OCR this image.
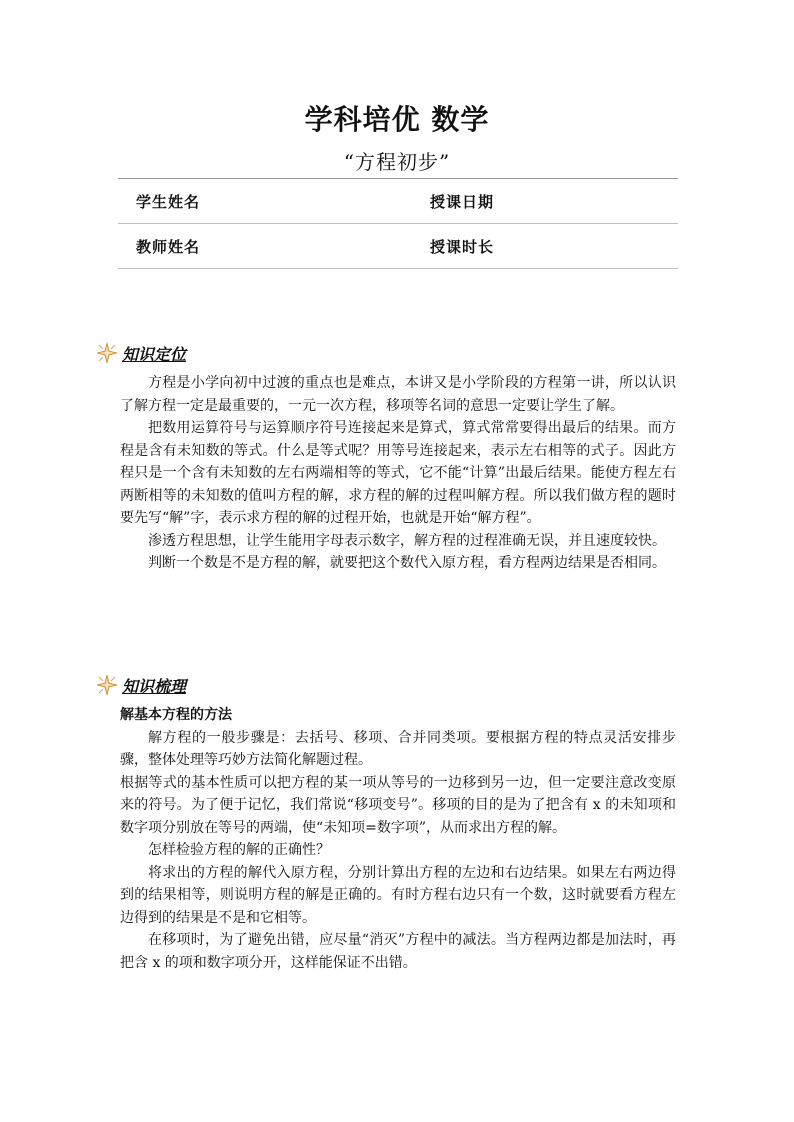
学科培优 数学
“方程初步”
学生姓名	授课日期
教师姓名	授课时长
知识定位

方程是小学向初中过渡的重点也是难点，本讲又是小学阶段的方程第一讲，所以认识了解方程一定是最重要的，一元一次方程，移项等名词的意思一定要让学生了解。

把数用运算符号与运算顺序符号连接起来是算式，算式常常要得出最后的结果。而方程是含有未知数的等式。什么是等式呢？用等号连接起来，表示左右相等的式子。因此方程只是一个含有未知数的左右两端相等的等式，它不能“计算”出最后结果。能使方程左右两断相等的未知数的值叫方程的解，求方程的解的过程叫解方程。所以我们做方程的题时要先写“解”字，表示求方程的解的过程开始，也就是开始“解方程”。

渗透方程思想，让学生能用字母表示数字，解方程的过程准确无误，并且速度较快。

判断一个数是不是方程的解，就要把这个数代入原方程，看方程两边结果是否相同。

知识梳理

解基本方程的方法

解方程的一般步骤是：去括号、移项、合并同类项。要根据方程的特点灵活安排步骤，整体处理等巧妙方法简化解题过程。

根据等式的基本性质可以把方程的某一项从等号的一边移到另一边，但一定要注意改变原来的符号。为了便于记忆，我们常说“移项变号”。移项的目的是为了把含有 x 的未知项和数字项分别放在等号的两端，使“未知项=数字项”，从而求出方程的解。

怎样检验方程的解的正确性？

将求出的方程的解代入原方程，分别计算出方程的左边和右边结果。如果左右两边得到的结果相等，则说明方程的解是正确的。有时方程右边只有一个数，这时就要看方程左边得到的结果是不是和它相等。

在移项时，为了避免出错，应尽量“消灭”方程中的减法。当方程两边都是加法时，再把含 x 的项和数字项分开，这样能保证不出错。
